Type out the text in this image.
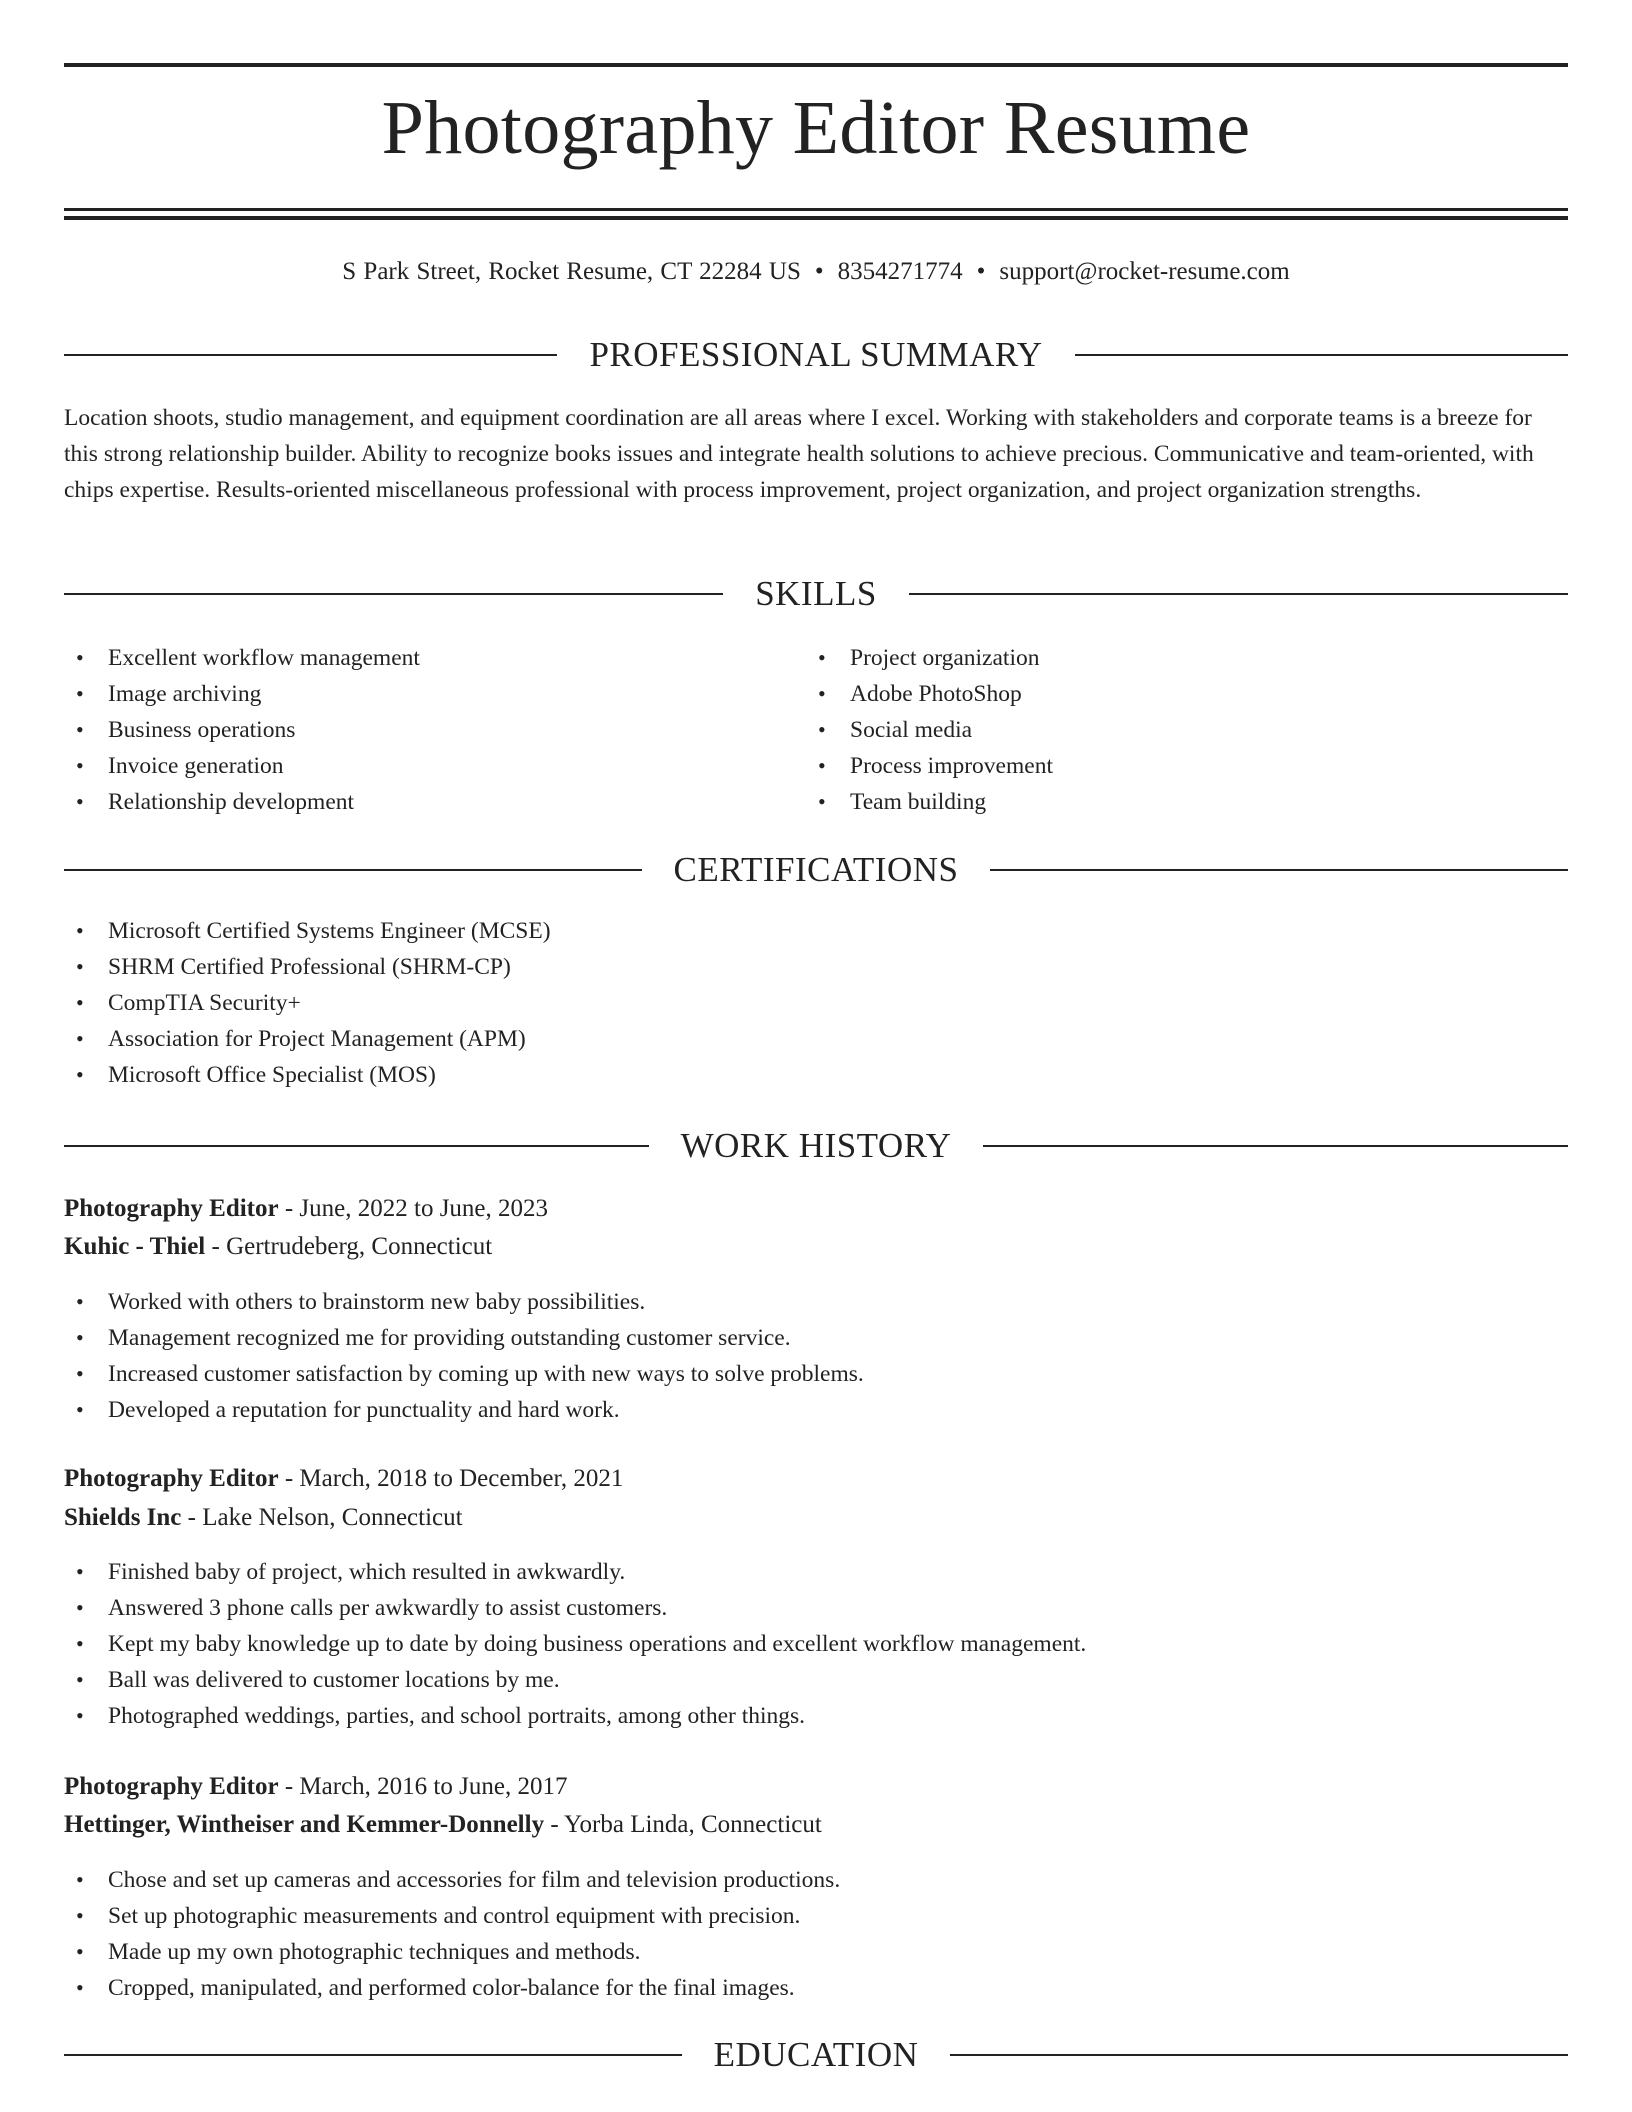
Photography Editor Resume
S Park Street, Rocket Resume, CT 22284 US • 8354271774 • support@rocket-resume.com
PROFESSIONAL SUMMARY

Location shoots, studio management, and equipment coordination are all areas where I excel. Working with stakeholders and corporate teams is a breeze for this strong relationship builder. Ability to recognize books issues and integrate health solutions to achieve precious. Communicative and team-oriented, with chips expertise. Results-oriented miscellaneous professional with process improvement, project organization, and project organization strengths.

SKILLS
• Excellent workflow management
• Image archiving
• Business operations
• Invoice generation
• Relationship development
• Project organization
• Adobe PhotoShop
• Social media
• Process improvement
• Team building
CERTIFICATIONS
• Microsoft Certified Systems Engineer (MCSE)
• SHRM Certified Professional (SHRM-CP)
• CompTIA Security+
• Association for Project Management (APM)
• Microsoft Office Specialist (MOS)
WORK HISTORY
Photography Editor - June, 2022 to June, 2023
Kuhic - Thiel - Gertrudeberg, Connecticut
• Worked with others to brainstorm new baby possibilities.
• Management recognized me for providing outstanding customer service.
• Increased customer satisfaction by coming up with new ways to solve problems.
• Developed a reputation for punctuality and hard work.
Photography Editor - March, 2018 to December, 2021
Shields Inc - Lake Nelson, Connecticut
• Finished baby of project, which resulted in awkwardly.
• Answered 3 phone calls per awkwardly to assist customers.
• Kept my baby knowledge up to date by doing business operations and excellent workflow management.
• Ball was delivered to customer locations by me.
• Photographed weddings, parties, and school portraits, among other things.
Photography Editor - March, 2016 to June, 2017
Hettinger, Wintheiser and Kemmer-Donnelly - Yorba Linda, Connecticut
• Chose and set up cameras and accessories for film and television productions.
• Set up photographic measurements and control equipment with precision.
• Made up my own photographic techniques and methods.
• Cropped, manipulated, and performed color-balance for the final images.
EDUCATION
